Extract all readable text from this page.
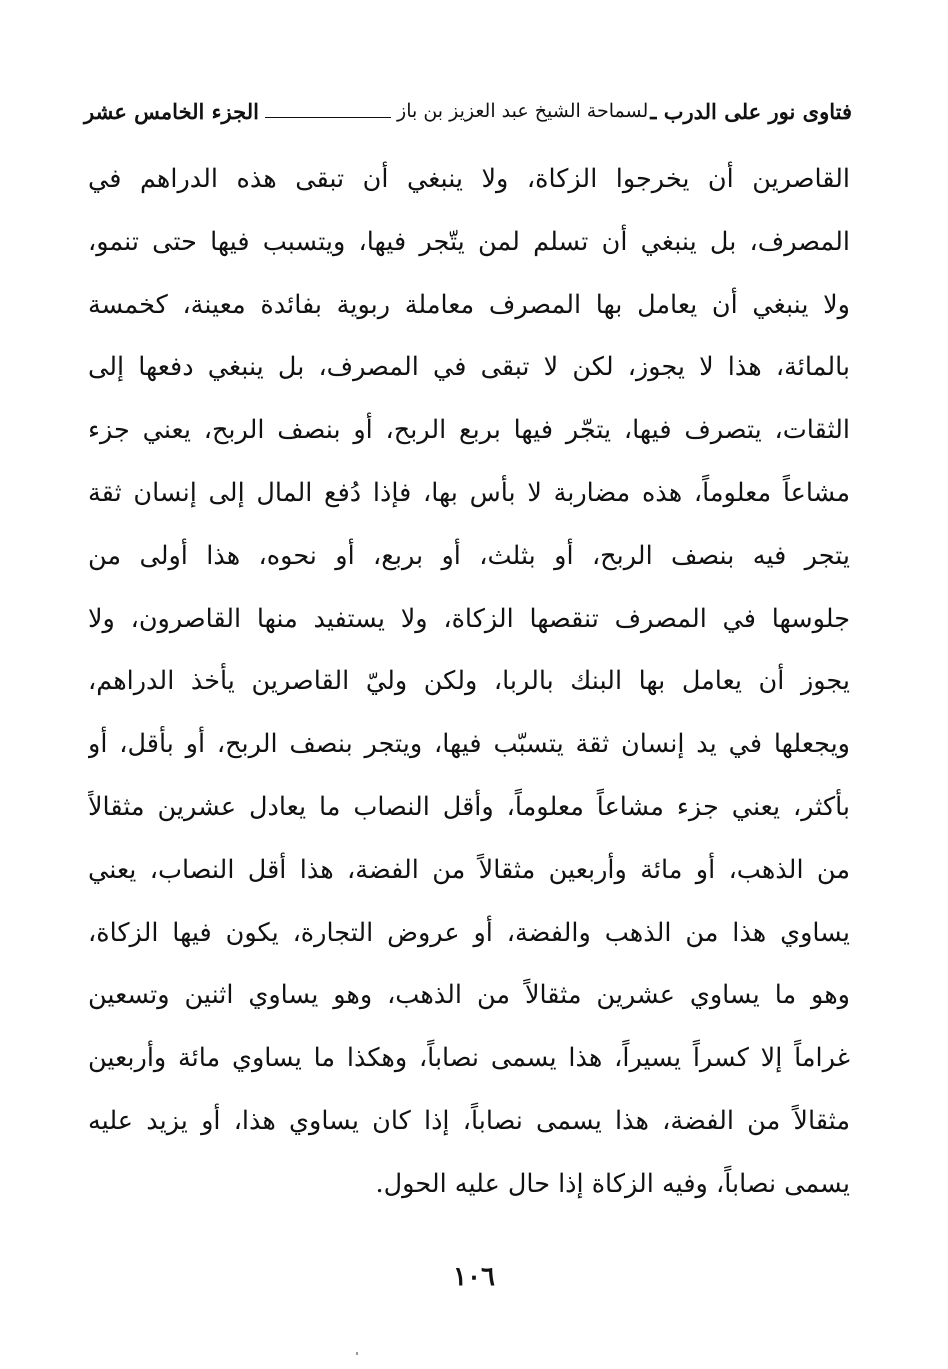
فتاوى نور على الدرب ـ
لسماحة الشيخ عبد العزيز بن باز
الجزء الخامس عشر
القاصرين أن يخرجوا الزكاة، ولا ينبغي أن تبقى هذه الدراهم في
المصرف، بل ينبغي أن تسلم لمن يتّجر فيها، ويتسبب فيها حتى تنمو،
ولا ينبغي أن يعامل بها المصرف معاملة ربوية بفائدة معينة، كخمسة
بالمائة، هذا لا يجوز، لكن لا تبقى في المصرف، بل ينبغي دفعها إلى
الثقات، يتصرف فيها، يتجّر فيها بربع الربح، أو بنصف الربح، يعني جزء
مشاعاً معلوماً، هذه مضاربة لا بأس بها، فإذا دُفع المال إلى إنسان ثقة
يتجر فيه بنصف الربح، أو بثلث، أو بربع، أو نحوه، هذا أولى من
جلوسها في المصرف تنقصها الزكاة، ولا يستفيد منها القاصرون، ولا
يجوز أن يعامل بها البنك بالربا، ولكن وليّ القاصرين يأخذ الدراهم،
ويجعلها في يد إنسان ثقة يتسبّب فيها، ويتجر بنصف الربح، أو بأقل، أو
بأكثر، يعني جزء مشاعاً معلوماً، وأقل النصاب ما يعادل عشرين مثقالاً
من الذهب، أو مائة وأربعين مثقالاً من الفضة، هذا أقل النصاب، يعني
يساوي هذا من الذهب والفضة، أو عروض التجارة، يكون فيها الزكاة،
وهو ما يساوي عشرين مثقالاً من الذهب، وهو يساوي اثنين وتسعين
غراماً إلا كسراً يسيراً، هذا يسمى نصاباً، وهكذا ما يساوي مائة وأربعين
مثقالاً من الفضة، هذا يسمى نصاباً، إذا كان يساوي هذا، أو يزيد عليه
يسمى نصاباً، وفيه الزكاة إذا حال عليه الحول.
١٠٦
